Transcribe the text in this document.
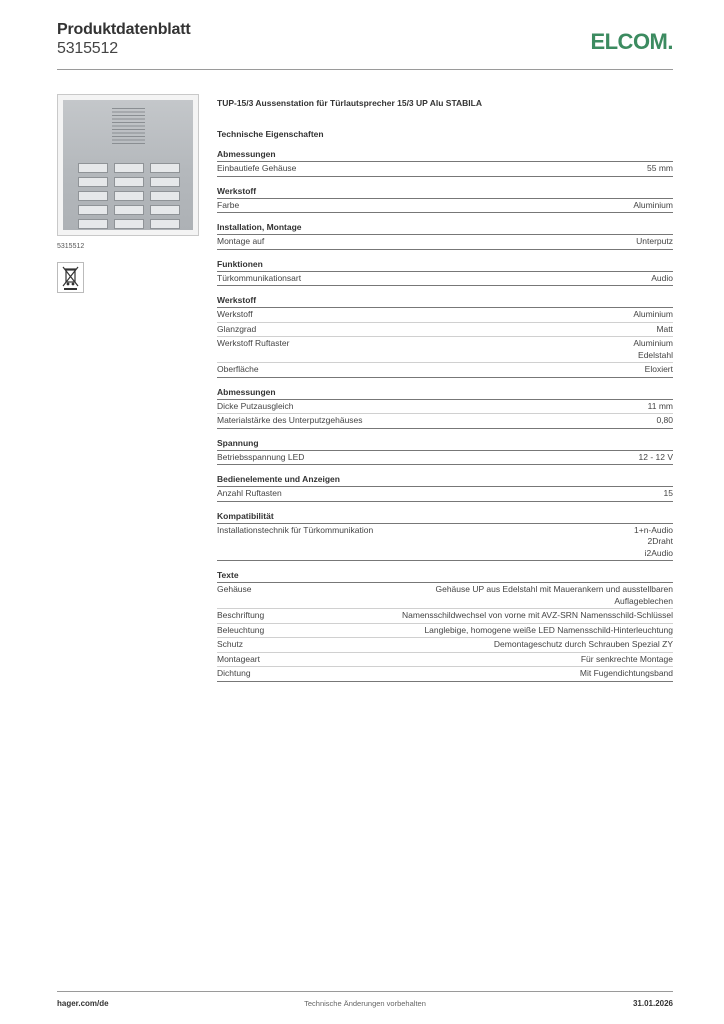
Produktdatenblatt
5315512	ELCOM.
5315512
TUP-15/3 Aussenstation für Türlautsprecher 15/3 UP Alu STABILA
Technische Eigenschaften
Abmessungen
Einbautiefe Gehäuse	55 mm
Werkstoff
Farbe	Aluminium
Installation, Montage
Montage auf	Unterputz
Funktionen
Türkommunikationsart	Audio
Werkstoff
Werkstoff	Aluminium
Glanzgrad	Matt
Werkstoff Ruftaster	Aluminium
Edelstahl
Oberfläche	Eloxiert
Abmessungen
Dicke Putzausgleich	11 mm
Materialstärke des Unterputzgehäuses	0,80
Spannung
Betriebsspannung LED	12 - 12 V
Bedienelemente und Anzeigen
Anzahl Ruftasten	15
Kompatibilität
Installationstechnik für Türkommunikation	1+n-Audio
2Draht
i2Audio
Texte
Gehäuse	Gehäuse UP aus Edelstahl mit Mauerankern und ausstellbaren Auflageblechen
Beschriftung	Namensschildwechsel von vorne mit AVZ-SRN Namensschild-Schlüssel
Beleuchtung	Langlebige, homogene weiße LED Namensschild-Hinterleuchtung
Schutz	Demontageschutz durch Schrauben Spezial ZY
Montageart	Für senkrechte Montage
Dichtung	Mit Fugendichtungsband
hager.com/de	Technische Änderungen vorbehalten	31.01.2026
